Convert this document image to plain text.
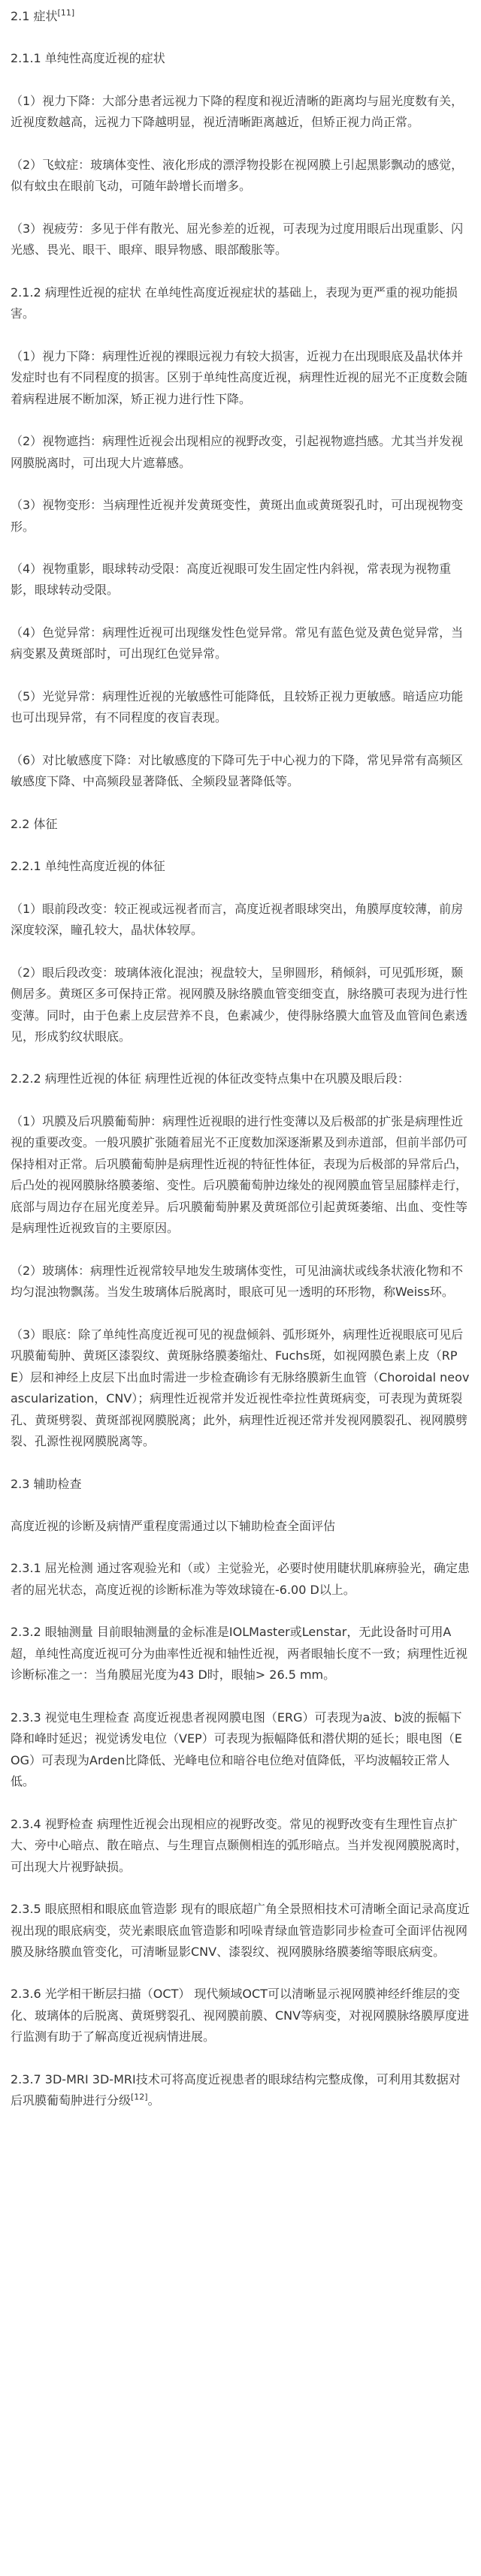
2.1 症状[11]

2.1.1 单纯性高度近视的症状

（1）视力下降：大部分患者远视力下降的程度和视近清晰的距离均与屈光度数有关，近视度数越高，远视力下降越明显，视近清晰距离越近，但矫正视力尚正常。

（2）飞蚊症：玻璃体变性、液化形成的漂浮物投影在视网膜上引起黑影飘动的感觉，似有蚊虫在眼前飞动，可随年龄增长而增多。

（3）视疲劳：多见于伴有散光、屈光参差的近视，可表现为过度用眼后出现重影、闪光感、畏光、眼干、眼痒、眼异物感、眼部酸胀等。

2.1.2 病理性近视的症状 在单纯性高度近视症状的基础上，表现为更严重的视功能损害。

（1）视力下降：病理性近视的裸眼远视力有较大损害，近视力在出现眼底及晶状体并发症时也有不同程度的损害。区别于单纯性高度近视，病理性近视的屈光不正度数会随着病程进展不断加深，矫正视力进行性下降。

（2）视物遮挡：病理性近视会出现相应的视野改变，引起视物遮挡感。尤其当并发视网膜脱离时，可出现大片遮幕感。

（3）视物变形：当病理性近视并发黄斑变性，黄斑出血或黄斑裂孔时，可出现视物变形。

（4）视物重影，眼球转动受限：高度近视眼可发生固定性内斜视，常表现为视物重影，眼球转动受限。

（4）色觉异常：病理性近视可出现继发性色觉异常。常见有蓝色觉及黄色觉异常，当病变累及黄斑部时，可出现红色觉异常。

（5）光觉异常：病理性近视的光敏感性可能降低，且较矫正视力更敏感。暗适应功能也可出现异常，有不同程度的夜盲表现。

（6）对比敏感度下降：对比敏感度的下降可先于中心视力的下降，常见异常有高频区敏感度下降、中高频段显著降低、全频段显著降低等。

2.2 体征

2.2.1 单纯性高度近视的体征

（1）眼前段改变：较正视或远视者而言，高度近视者眼球突出，角膜厚度较薄，前房深度较深，瞳孔较大，晶状体较厚。

（2）眼后段改变：玻璃体液化混浊；视盘较大，呈卵圆形，稍倾斜，可见弧形斑，颞侧居多。黄斑区多可保持正常。视网膜及脉络膜血管变细变直，脉络膜可表现为进行性变薄。同时，由于色素上皮层营养不良，色素减少，使得脉络膜大血管及血管间色素透见，形成豹纹状眼底。

2.2.2 病理性近视的体征 病理性近视的体征改变特点集中在巩膜及眼后段：

（1）巩膜及后巩膜葡萄肿：病理性近视眼的进行性变薄以及后极部的扩张是病理性近视的重要改变。一般巩膜扩张随着屈光不正度数加深逐渐累及到赤道部，但前半部仍可保持相对正常。后巩膜葡萄肿是病理性近视的特征性体征，表现为后极部的异常后凸，后凸处的视网膜脉络膜萎缩、变性。后巩膜葡萄肿边缘处的视网膜血管呈屈膝样走行，底部与周边存在屈光度差异。后巩膜葡萄肿累及黄斑部位引起黄斑萎缩、出血、变性等是病理性近视致盲的主要原因。

（2）玻璃体：病理性近视常较早地发生玻璃体变性，可见油滴状或线条状液化物和不均匀混浊物飘荡。当发生玻璃体后脱离时，眼底可见一透明的环形物，称Weiss环。

（3）眼底：除了单纯性高度近视可见的视盘倾斜、弧形斑外，病理性近视眼底可见后巩膜葡萄肿、黄斑区漆裂纹、黄斑脉络膜萎缩灶、Fuchs斑，如视网膜色素上皮（RPE）层和神经上皮层下出血时需进一步检查确诊有无脉络膜新生血管（Choroidal neovascularization，CNV）；病理性近视常并发近视性牵拉性黄斑病变，可表现为黄斑裂孔、黄斑劈裂、黄斑部视网膜脱离；此外，病理性近视还常并发视网膜裂孔、视网膜劈裂、孔源性视网膜脱离等。

2.3 辅助检查

高度近视的诊断及病情严重程度需通过以下辅助检查全面评估

2.3.1 屈光检测 通过客观验光和（或）主觉验光，必要时使用睫状肌麻痹验光，确定患者的屈光状态，高度近视的诊断标准为等效球镜在-6.00 D以上。

2.3.2 眼轴测量 目前眼轴测量的金标准是IOLMaster或Lenstar，无此设备时可用A超，单纯性高度近视可分为曲率性近视和轴性近视，两者眼轴长度不一致；病理性近视诊断标准之一：当角膜屈光度为43 D时，眼轴> 26.5 mm。

2.3.3 视觉电生理检查 高度近视患者视网膜电图（ERG）可表现为a波、b波的振幅下降和峰时延迟；视觉诱发电位（VEP）可表现为振幅降低和潜伏期的延长；眼电图（EOG）可表现为Arden比降低、光峰电位和暗谷电位绝对值降低，平均波幅较正常人低。

2.3.4 视野检查 病理性近视会出现相应的视野改变。常见的视野改变有生理性盲点扩大、旁中心暗点、散在暗点、与生理盲点颞侧相连的弧形暗点。当并发视网膜脱离时，可出现大片视野缺损。

2.3.5 眼底照相和眼底血管造影 现有的眼底超广角全景照相技术可清晰全面记录高度近视出现的眼底病变，荧光素眼底血管造影和吲哚青绿血管造影同步检查可全面评估视网膜及脉络膜血管变化，可清晰显影CNV、漆裂纹、视网膜脉络膜萎缩等眼底病变。

2.3.6 光学相干断层扫描（OCT） 现代频域OCT可以清晰显示视网膜神经纤维层的变化、玻璃体的后脱离、黄斑劈裂孔、视网膜前膜、CNV等病变，对视网膜脉络膜厚度进行监测有助于了解高度近视病情进展。

2.3.7 3D-MRI 3D-MRI技术可将高度近视患者的眼球结构完整成像，可利用其数据对后巩膜葡萄肿进行分级[12]。
